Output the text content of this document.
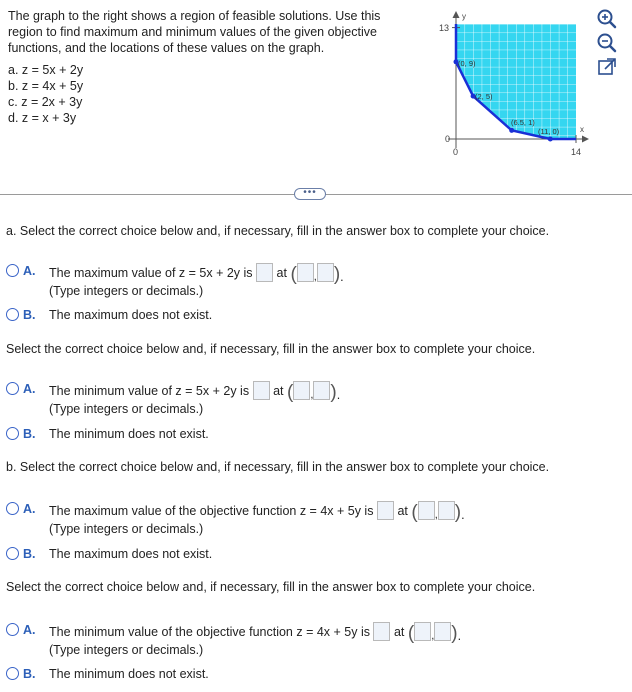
The graph to the right shows a region of feasible solutions. Use this region to find maximum and minimum values of the given objective functions, and the locations of these values on the graph.
a. z = 5x + 2y
b. z = 4x + 5y
c. z = 2x + 3y
d. z = x + 3y
y
13
0
0	14
x
(0, 9)
(2, 5)
(6.5, 1)
(11, 0)
•••
a. Select the correct choice below and, if necessary, fill in the answer box to complete your choice.
A. The maximum value of z = 5x + 2y is at ( , ).
(Type integers or decimals.)
B. The maximum does not exist.
Select the correct choice below and, if necessary, fill in the answer box to complete your choice.
A. The minimum value of z = 5x + 2y is at ( , ).
(Type integers or decimals.)
B. The minimum does not exist.
b. Select the correct choice below and, if necessary, fill in the answer box to complete your choice.
A. The maximum value of the objective function z = 4x + 5y is at ( , ).
(Type integers or decimals.)
B. The maximum does not exist.
Select the correct choice below and, if necessary, fill in the answer box to complete your choice.
A. The minimum value of the objective function z = 4x + 5y is at ( , ).
(Type integers or decimals.)
B. The minimum does not exist.
